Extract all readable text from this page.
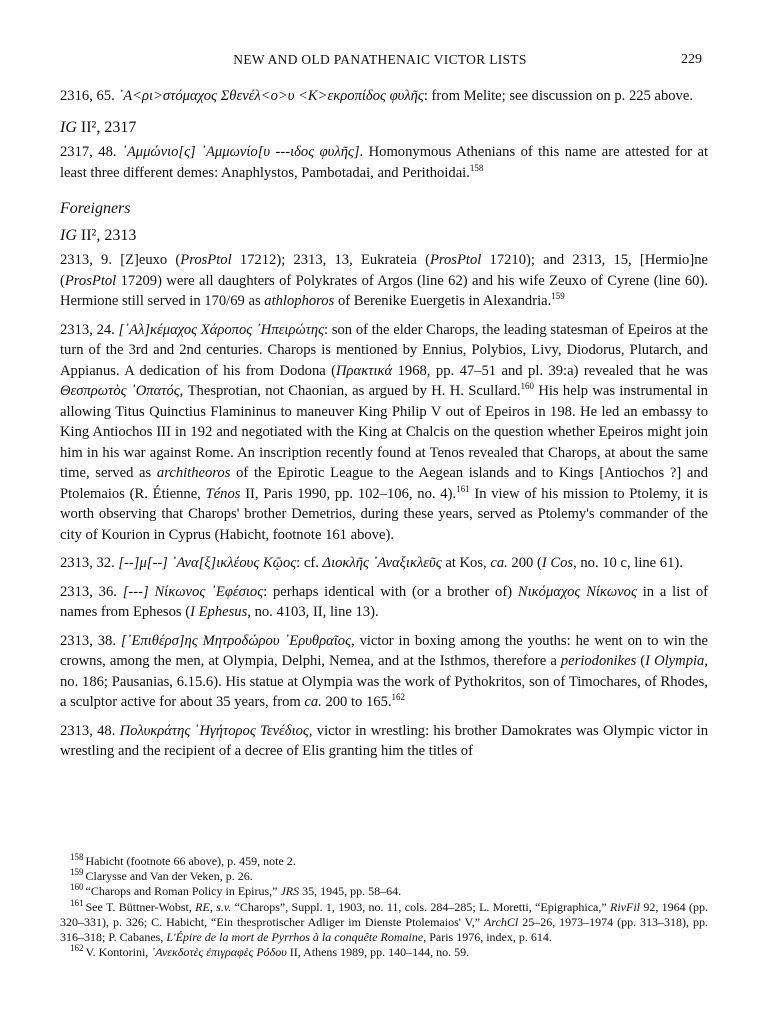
NEW AND OLD PANATHENAIC VICTOR LISTS	229

2316, 65. ᾿Α<ρι>στόμαχος Σθενέλ<ο>υ <Κ>εκροπίδος φυλῆς: from Melite; see discussion on p. 225 above.

IG II², 2317

2317, 48. ᾿Αμμώνιο[ς] ᾿Αμμωνίο[υ ---ιδος φυλῆς]. Homonymous Athenians of this name are attested for at least three different demes: Anaphlystos, Pambotadai, and Perithoidai.$^{158}$

Foreigners
IG II², 2313

2313, 9. [Z]euxo (ProsPtol 17212); 2313, 13, Eukrateia (ProsPtol 17210); and 2313, 15, [Hermio]ne (ProsPtol 17209) were all daughters of Polykrates of Argos (line 62) and his wife Zeuxo of Cyrene (line 60). Hermione still served in 170/69 as athlophoros of Berenike Euergetis in Alexandria.$^{159}$

2313, 24. [᾿Αλ]κέμαχος Χάροπος ᾿Ηπειρώτης: son of the elder Charops, the leading statesman of Epeiros at the turn of the 3rd and 2nd centuries. Charops is mentioned by Ennius, Polybios, Livy, Diodorus, Plutarch, and Appianus. A dedication of his from Dodona (Πρακτικά 1968, pp. 47–51 and pl. 39:a) revealed that he was Θεσπρωτὸς ᾿Οπατός, Thesprotian, not Chaonian, as argued by H. H. Scullard.$^{160}$ His help was instrumental in allowing Titus Quinctius Flamininus to maneuver King Philip V out of Epeiros in 198. He led an embassy to King Antiochos III in 192 and negotiated with the King at Chalcis on the question whether Epeiros might join him in his war against Rome. An inscription recently found at Tenos revealed that Charops, at about the same time, served as architheoros of the Epirotic League to the Aegean islands and to Kings [Antiochos ?] and Ptolemaios (R. Étienne, Ténos II, Paris 1990, pp. 102–106, no. 4).$^{161}$ In view of his mission to Ptolemy, it is worth observing that Charops' brother Demetrios, during these years, served as Ptolemy's commander of the city of Kourion in Cyprus (Habicht, footnote 161 above).

2313, 32. [--]μ[--] ᾿Ανα[ξ]ικλέους Κῷος: cf. Διοκλῆς ᾿Αναξικλεῦς at Kos, ca. 200 (I Cos, no. 10 c, line 61).

2313, 36. [---] Νίκωνος ᾿Εφέσιος: perhaps identical with (or a brother of) Νικόμαχος Νίκωνος in a list of names from Ephesos (I Ephesus, no. 4103, II, line 13).

2313, 38. [᾿Επιθέρσ]ης Μητροδώρου ᾿Ερυθραῖος, victor in boxing among the youths: he went on to win the crowns, among the men, at Olympia, Delphi, Nemea, and at the Isthmos, therefore a periodonikes (I Olympia, no. 186; Pausanias, 6.15.6). His statue at Olympia was the work of Pythokritos, son of Timochares, of Rhodes, a sculptor active for about 35 years, from ca. 200 to 165.$^{162}$

2313, 48. Πολυκράτης ῾Ηγήτορος Τενέδιος, victor in wrestling: his brother Damokrates was Olympic victor in wrestling and the recipient of a decree of Elis granting him the titles of

$^{158}$ Habicht (footnote 66 above), p. 459, note 2.

$^{159}$ Clarysse and Van der Veken, p. 26.

$^{160}$ “Charops and Roman Policy in Epirus,” JRS 35, 1945, pp. 58–64.

$^{161}$ See T. Büttner-Wobst, RE, s.v. “Charops”, Suppl. 1, 1903, no. 11, cols. 284–285; L. Moretti, “Epigraphica,” RivFil 92, 1964 (pp. 320–331), p. 326; C. Habicht, “Ein thesprotischer Adliger im Dienste Ptolemaios' V,” ArchCl 25–26, 1973–1974 (pp. 313–318), pp. 316–318; P. Cabanes, L'Épire de la mort de Pyrrhos à la conquête Romaine, Paris 1976, index, p. 614.

$^{162}$ V. Kontorini, ᾿Ανεκδοτὲς ἐπιγραφὲς Ρόδου II, Athens 1989, pp. 140–144, no. 59.
